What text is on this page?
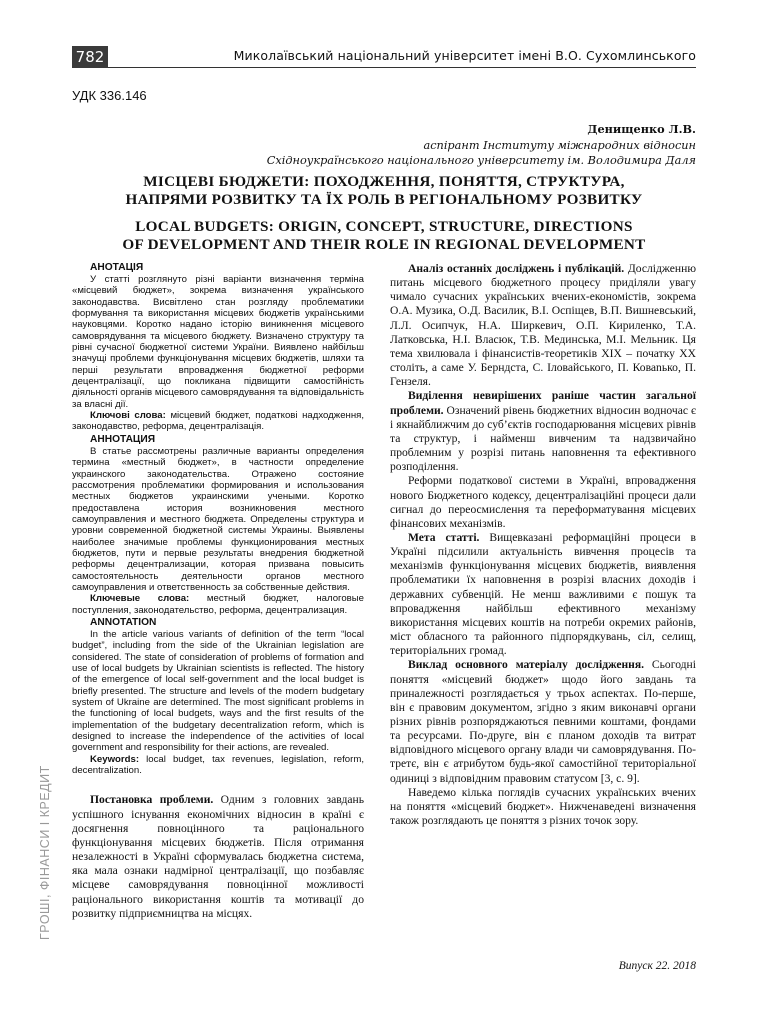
782	Миколаївський національний університет імені В.О. Сухомлинського
УДК 336.146
Денищенко Л.В.
аспірант Інституту міжнародних відносин
Східноукраїнського національного університету ім. Володимира Даля
МІСЦЕВІ БЮДЖЕТИ: ПОХОДЖЕННЯ, ПОНЯТТЯ, СТРУКТУРА,
НАПРЯМИ РОЗВИТКУ ТА ЇХ РОЛЬ В РЕГІОНАЛЬНОМУ РОЗВИТКУ
LOCAL BUDGETS: ORIGIN, CONCEPT, STRUCTURE, DIRECTIONS
OF DEVELOPMENT AND THEIR ROLE IN REGIONAL DEVELOPMENT
АНОТАЦІЯ

У статті розглянуто різні варіанти визначення терміна «місцевий бюджет», зокрема визначення українського законодавства. Висвітлено стан розгляду проблематики формування та використання місцевих бюджетів українськими науковцями. Коротко надано історію виникнення місцевого самоврядування та місцевого бюджету. Визначено структуру та рівні сучасної бюджетної системи України. Виявлено найбільш значущі проблеми функціонування місцевих бюджетів, шляхи та перші результати впровадження бюджетної реформи децентралізації, що покликана підвищити самостійність діяльності органів місцевого самоврядування та відповідальність за власні дії.

Ключові слова: місцевий бюджет, податкові надходження, законодавство, реформа, децентралізація.

АННОТАЦИЯ

В статье рассмотрены различные варианты определения термина «местный бюджет», в частности определение украинского законодательства. Отражено состояние рассмотрения проблематики формирования и использования местных бюджетов украинскими учеными. Коротко предоставлена история возникновения местного самоуправления и местного бюджета. Определены структура и уровни современной бюджетной системы Украины. Выявлены наиболее значимые проблемы функционирования местных бюджетов, пути и первые результаты внедрения бюджетной реформы децентрализации, которая призвана повысить самостоятельность деятельности органов местного самоуправления и ответственность за собственные действия.

Ключевые слова: местный бюджет, налоговые поступления, законодательство, реформа, децентрализация.

ANNOTATION

In the article various variants of definition of the term “local budget”, including from the side of the Ukrainian legislation are considered. The state of consideration of problems of formation and use of local budgets by Ukrainian scientists is reflected. The history of the emergence of local self-government and the local budget is briefly presented. The structure and levels of the modern budgetary system of Ukraine are determined. The most significant problems in the functioning of local budgets, ways and the first results of the implementation of the budgetary decentralization reform, which is designed to increase the independence of the activities of local government and responsibility for their actions, are revealed.

Keywords: local budget, tax revenues, legislation, reform, decentralization.

Постановка проблеми. Одним з головних завдань успішного існування економічних відносин в країні є досягнення повноцінного та раціонального функціонування місцевих бюджетів. Після отримання незалежності в Україні сформувалась бюджетна система, яка мала ознаки надмірної централізації, що позбавляє місцеве самоврядування повноцінної можливості раціонального використання коштів та мотивації до розвитку підприємництва на місцях.

Аналіз останніх досліджень і публікацій. Дослідженню питань місцевого бюджетного процесу приділяли увагу чимало сучасних українських вчених-економістів, зокрема О.А. Музика, О.Д. Василик, В.І. Оспіщев, В.П. Вишневський, Л.Л. Осипчук, Н.А. Ширкевич, О.П. Кириленко, Т.А. Латковська, Н.І. Власюк, Т.В. Мединська, М.І. Мельник. Ця тема хвилювала і фінансистів-теоретиків XIX – початку XX століть, а саме У. Берндста, С. Іловайського, П. Коваnько, П. Гензеля.

Виділення невирішених раніше частин загальної проблеми. Означений рівень бюджетних відносин водночас є і якнайближчим до суб’єктів господарювання місцевих рівнів та структур, і найменш вивченим та надзвичайно проблемним у розрізі питань наповнення та ефективного розподілення.

Реформи податкової системи в Україні, впровадження нового Бюджетного кодексу, децентралізаційні процеси дали сигнал до переосмислення та переформатування місцевих фінансових механізмів.

Мета статті. Вищевказані реформаційні процеси в Україні підсилили актуальність вивчення процесів та механізмів функціонування місцевих бюджетів, виявлення проблематики їх наповнення в розрізі власних доходів і державних субвенцій. Не менш важливими є пошук та впровадження найбільш ефективного механізму використання місцевих коштів на потреби окремих районів, міст обласного та районного підпорядкувань, сіл, селищ, територіальних громад.

Виклад основного матеріалу дослідження. Сьогодні поняття «місцевий бюджет» щодо його завдань та приналежності розглядається у трьох аспектах. По-перше, він є правовим документом, згідно з яким виконавчі органи різних рівнів розпоряджаються певними коштами, фондами та ресурсами. По-друге, він є планом доходів та витрат відповідного місцевого органу влади чи самоврядування. По-третє, він є атрибутом будь-якої самостійної територіальної одиниці з відповідним правовим статусом [3, с. 9].

Наведемо кілька поглядів сучасних українських вчених на поняття «місцевий бюджет». Нижченаведені визначення також розглядають це поняття з різних точок зору.

ГРОШІ, ФІНАНСИ І КРЕДИТ
Випуск 22. 2018
